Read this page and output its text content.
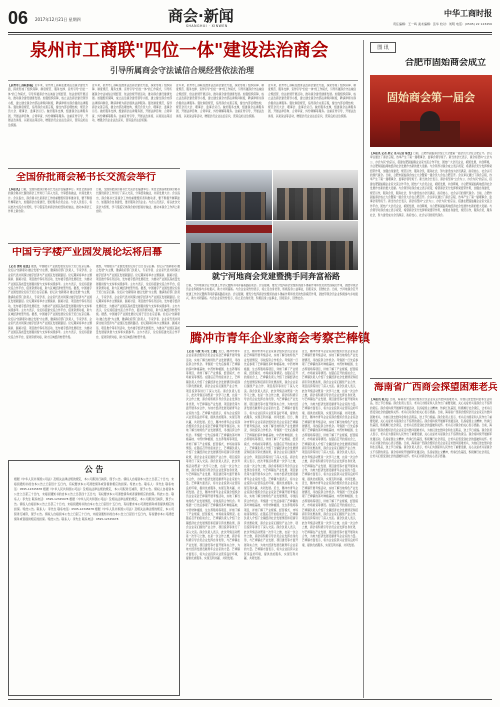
06 2017年12月21日 星期四	商会·新闻
SHANGHUI · XINWEN
中华工商时报
责任编辑：王一鸣 美术编辑：张华 校对：刘明 电话：(0595) 22 123456
泉州市工商联"四位一体"建设法治商会
引导所属商会守法诚信合规经营依法治理
【泉州市工商联供稿】近年来，泉州市工商联在推进法治商会建设方面，探索形成了组织保障、制度规范、服务支撑、宣传引导"四位一体"的工作模式，引导所属商会守法诚信合规经营、依法依规开展活动，推动商会建设健康发展。加强组织保障，成立法治商会建设领导小组，建立健全商会内部法律顾问制度，聘请律师为商会提供法律服务。强化制度规范，指导商会完善章程，健全内部治理结构，规范会员大会、理事会、监事会运行。做好服务支撑，组建商会法律服务团，开展法律咨询、合同审查、纠纷调解等服务。注重宣传引导，开展法治讲座、以案说法等活动，增强会员企业法治意识，营造良好法治氛围。
近年来，泉州市工商联在推进法治商会建设方面，探索形成了组织保障、制度规范、服务支撑、宣传引导"四位一体"的工作模式，引导所属商会守法诚信合规经营、依法依规开展活动，推动商会建设健康发展。加强组织保障，成立法治商会建设领导小组，建立健全商会内部法律顾问制度，聘请律师为商会提供法律服务。强化制度规范，指导商会完善章程，健全内部治理结构，规范会员大会、理事会、监事会运行。做好服务支撑，组建商会法律服务团，开展法律咨询、合同审查、纠纷调解等服务。注重宣传引导，开展法治讲座、以案说法等活动，增强会员企业法治意识，营造良好法治氛围。
近年来，泉州市工商联在推进法治商会建设方面，探索形成了组织保障、制度规范、服务支撑、宣传引导"四位一体"的工作模式，引导所属商会守法诚信合规经营、依法依规开展活动，推动商会建设健康发展。加强组织保障，成立法治商会建设领导小组，建立健全商会内部法律顾问制度，聘请律师为商会提供法律服务。强化制度规范，指导商会完善章程，健全内部治理结构，规范会员大会、理事会、监事会运行。做好服务支撑，组建商会法律服务团，开展法律咨询、合同审查、纠纷调解等服务。注重宣传引导，开展法治讲座、以案说法等活动，增强会员企业法治意识，营造良好法治氛围。
近年来，泉州市工商联在推进法治商会建设方面，探索形成了组织保障、制度规范、服务支撑、宣传引导"四位一体"的工作模式，引导所属商会守法诚信合规经营、依法依规开展活动，推动商会建设健康发展。加强组织保障，成立法治商会建设领导小组，建立健全商会内部法律顾问制度，聘请律师为商会提供法律服务。强化制度规范，指导商会完善章程，健全内部治理结构，规范会员大会、理事会、监事会运行。做好服务支撑，组建商会法律服务团，开展法律咨询、合同审查、纠纷调解等服务。注重宣传引导，开展法治讲座、以案说法等活动，增强会员企业法治意识，营造良好法治氛围。
全国侨批商会秘书长交流会举行
【本报讯】日前，全国侨批商会秘书长交流会在福建举行。来自全国各地的商会秘书长围绕商会工作进行了深入交流，分享经验做法，共谋发展大计。会议指出，商会秘书长是商会工作的重要组织者和推动者，要不断提升履职能力，加强商会自身建设，更好服务会员企业。与会人员表示，将以此次交流会为契机，学习借鉴兄弟商会的好经验好做法，推动本商会工作再上新台阶。
日前，全国侨批商会秘书长交流会在福建举行。来自全国各地的商会秘书长围绕商会工作进行了深入交流，分享经验做法，共谋发展大计。会议指出，商会秘书长是商会工作的重要组织者和推动者，要不断提升履职能力，加强商会自身建设，更好服务会员企业。与会人员表示，将以此次交流会为契机，学习借鉴兄弟商会的好经验好做法，推动本商会工作再上新台阶。
中国亏字楼产业园发展论坛将启幕
【记者 张明 报道】据悉，中国楼宇产业园发展论坛将于近日在京启幕。论坛以"创新驱动 融合发展"为主题，邀请政府部门负责人、专家学者、企业家代表共同探讨楼宇经济与产业园区发展新路径。论坛期间将举办主题演讲、圆桌对话、项目推介等系列活动，发布楼宇经济发展报告，为推动产业园区高质量发展提供智力支持和实践参考。主办方表示，论坛将搭建交流合作平台，促进资源对接，助力区域经济转型升级。据悉，中国楼宇产业园发展论坛将于近日在京启幕。论坛以"创新驱动 融合发展"为主题，邀请政府部门负责人、专家学者、企业家代表共同探讨楼宇经济与产业园区发展新路径。论坛期间将举办主题演讲、圆桌对话、项目推介等系列活动，发布楼宇经济发展报告，为推动产业园区高质量发展提供智力支持和实践参考。主办方表示，论坛将搭建交流合作平台，促进资源对接，助力区域经济转型升级。据悉，中国楼宇产业园发展论坛将于近日在京启幕。论坛以"创新驱动 融合发展"为主题，邀请政府部门负责人、专家学者、企业家代表共同探讨楼宇经济与产业园区发展新路径。论坛期间将举办主题演讲、圆桌对话、项目推介等系列活动，发布楼宇经济发展报告，为推动产业园区高质量发展提供智力支持和实践参考。主办方表示，论坛将搭建交流合作平台，促进资源对接，助力区域经济转型升级。
据悉，中国楼宇产业园发展论坛将于近日在京启幕。论坛以"创新驱动 融合发展"为主题，邀请政府部门负责人、专家学者、企业家代表共同探讨楼宇经济与产业园区发展新路径。论坛期间将举办主题演讲、圆桌对话、项目推介等系列活动，发布楼宇经济发展报告，为推动产业园区高质量发展提供智力支持和实践参考。主办方表示，论坛将搭建交流合作平台，促进资源对接，助力区域经济转型升级。据悉，中国楼宇产业园发展论坛将于近日在京启幕。论坛以"创新驱动 融合发展"为主题，邀请政府部门负责人、专家学者、企业家代表共同探讨楼宇经济与产业园区发展新路径。论坛期间将举办主题演讲、圆桌对话、项目推介等系列活动，发布楼宇经济发展报告，为推动产业园区高质量发展提供智力支持和实践参考。主办方表示，论坛将搭建交流合作平台，促进资源对接，助力区域经济转型升级。据悉，中国楼宇产业园发展论坛将于近日在京启幕。论坛以"创新驱动 融合发展"为主题，邀请政府部门负责人、专家学者、企业家代表共同探讨楼宇经济与产业园区发展新路径。论坛期间将举办主题演讲、圆桌对话、项目推介等系列活动，发布楼宇经济发展报告，为推动产业园区高质量发展提供智力支持和实践参考。主办方表示，论坛将搭建交流合作平台，促进资源对接，助力区域经济转型升级。
就宁河地商会党建暨携手同奔富裕路
日前，宁河地商会召开党建工作会议暨携手同奔富裕路座谈会。会议强调，要充分发挥商会党组织的战斗堡垒作用和党员的先锋模范作用，团结带领会员企业积极参与乡村振兴，助力共同富裕。与会企业家纷纷表示，将立足自身优势，积极投身公益事业，回报家乡，回馈社会。日前，宁河地商会召开党建工作会议暨携手同奔富裕路座谈会。会议强调，要充分发挥商会党组织的战斗堡垒作用和党员的先锋模范作用，团结带领会员企业积极参与乡村振兴，助力共同富裕。与会企业家纷纷表示，将立足自身优势，积极投身公益事业，回报家乡，回馈社会。
腾冲市青年企业家商会考察芒棒镇
【记者 马俊 实习生 王鹏】近日，腾冲市青年企业家商会组织会员企业家赴芒棒镇开展考察活动，实地了解当地特色产业发展情况，寻找投资合作机会。考察团一行先后参观了芒棒镇的茶叶种植基地、中药材种植园、生态养殖场等项目，详细了解了产业规模、经营模式、市场前景等情况。在随后召开的座谈会上，芒棒镇负责人介绍了全镇经济社会发展情况和招商引资优惠政策，商会企业家们围绕产业合作、项目投资等进行了深入交流。商会负责人表示，此次考察活动既是一次学习之旅，也是一次合作之旅，商会将积极引导会员企业发挥自身优势，与芒棒镇在产业发展、项目建设等方面开展务实合作，为地方经济发展贡献青年企业家的力量。芒棒镇方面表示，将为企业投资兴业营造良好环境，提供优质服务，实现互利共赢、共同发展。近日，腾冲市青年企业家商会组织会员企业家赴芒棒镇开展考察活动，实地了解当地特色产业发展情况，寻找投资合作机会。考察团一行先后参观了芒棒镇的茶叶种植基地、中药材种植园、生态养殖场等项目，详细了解了产业规模、经营模式、市场前景等情况。在随后召开的座谈会上，芒棒镇负责人介绍了全镇经济社会发展情况和招商引资优惠政策，商会企业家们围绕产业合作、项目投资等进行了深入交流。商会负责人表示，此次考察活动既是一次学习之旅，也是一次合作之旅，商会将积极引导会员企业发挥自身优势，与芒棒镇在产业发展、项目建设等方面开展务实合作，为地方经济发展贡献青年企业家的力量。芒棒镇方面表示，将为企业投资兴业营造良好环境，提供优质服务，实现互利共赢、共同发展。近日，腾冲市青年企业家商会组织会员企业家赴芒棒镇开展考察活动，实地了解当地特色产业发展情况，寻找投资合作机会。考察团一行先后参观了芒棒镇的茶叶种植基地、中药材种植园、生态养殖场等项目，详细了解了产业规模、经营模式、市场前景等情况。在随后召开的座谈会上，芒棒镇负责人介绍了全镇经济社会发展情况和招商引资优惠政策，商会企业家们围绕产业合作、项目投资等进行了深入交流。商会负责人表示，此次考察活动既是一次学习之旅，也是一次合作之旅，商会将积极引导会员企业发挥自身优势，与芒棒镇在产业发展、项目建设等方面开展务实合作，为地方经济发展贡献青年企业家的力量。芒棒镇方面表示，将为企业投资兴业营造良好环境，提供优质服务，实现互利共赢、共同发展。
近日，腾冲市青年企业家商会组织会员企业家赴芒棒镇开展考察活动，实地了解当地特色产业发展情况，寻找投资合作机会。考察团一行先后参观了芒棒镇的茶叶种植基地、中药材种植园、生态养殖场等项目，详细了解了产业规模、经营模式、市场前景等情况。在随后召开的座谈会上，芒棒镇负责人介绍了全镇经济社会发展情况和招商引资优惠政策，商会企业家们围绕产业合作、项目投资等进行了深入交流。商会负责人表示，此次考察活动既是一次学习之旅，也是一次合作之旅，商会将积极引导会员企业发挥自身优势，与芒棒镇在产业发展、项目建设等方面开展务实合作，为地方经济发展贡献青年企业家的力量。芒棒镇方面表示，将为企业投资兴业营造良好环境，提供优质服务，实现互利共赢、共同发展。近日，腾冲市青年企业家商会组织会员企业家赴芒棒镇开展考察活动，实地了解当地特色产业发展情况，寻找投资合作机会。考察团一行先后参观了芒棒镇的茶叶种植基地、中药材种植园、生态养殖场等项目，详细了解了产业规模、经营模式、市场前景等情况。在随后召开的座谈会上，芒棒镇负责人介绍了全镇经济社会发展情况和招商引资优惠政策，商会企业家们围绕产业合作、项目投资等进行了深入交流。商会负责人表示，此次考察活动既是一次学习之旅，也是一次合作之旅，商会将积极引导会员企业发挥自身优势，与芒棒镇在产业发展、项目建设等方面开展务实合作，为地方经济发展贡献青年企业家的力量。芒棒镇方面表示，将为企业投资兴业营造良好环境，提供优质服务，实现互利共赢、共同发展。近日，腾冲市青年企业家商会组织会员企业家赴芒棒镇开展考察活动，实地了解当地特色产业发展情况，寻找投资合作机会。考察团一行先后参观了芒棒镇的茶叶种植基地、中药材种植园、生态养殖场等项目，详细了解了产业规模、经营模式、市场前景等情况。在随后召开的座谈会上，芒棒镇负责人介绍了全镇经济社会发展情况和招商引资优惠政策，商会企业家们围绕产业合作、项目投资等进行了深入交流。商会负责人表示，此次考察活动既是一次学习之旅，也是一次合作之旅，商会将积极引导会员企业发挥自身优势，与芒棒镇在产业发展、项目建设等方面开展务实合作，为地方经济发展贡献青年企业家的力量。芒棒镇方面表示，将为企业投资兴业营造良好环境，提供优质服务，实现互利共赢、共同发展。
近日，腾冲市青年企业家商会组织会员企业家赴芒棒镇开展考察活动，实地了解当地特色产业发展情况，寻找投资合作机会。考察团一行先后参观了芒棒镇的茶叶种植基地、中药材种植园、生态养殖场等项目，详细了解了产业规模、经营模式、市场前景等情况。在随后召开的座谈会上，芒棒镇负责人介绍了全镇经济社会发展情况和招商引资优惠政策，商会企业家们围绕产业合作、项目投资等进行了深入交流。商会负责人表示，此次考察活动既是一次学习之旅，也是一次合作之旅，商会将积极引导会员企业发挥自身优势，与芒棒镇在产业发展、项目建设等方面开展务实合作，为地方经济发展贡献青年企业家的力量。芒棒镇方面表示，将为企业投资兴业营造良好环境，提供优质服务，实现互利共赢、共同发展。近日，腾冲市青年企业家商会组织会员企业家赴芒棒镇开展考察活动，实地了解当地特色产业发展情况，寻找投资合作机会。考察团一行先后参观了芒棒镇的茶叶种植基地、中药材种植园、生态养殖场等项目，详细了解了产业规模、经营模式、市场前景等情况。在随后召开的座谈会上，芒棒镇负责人介绍了全镇经济社会发展情况和招商引资优惠政策，商会企业家们围绕产业合作、项目投资等进行了深入交流。商会负责人表示，此次考察活动既是一次学习之旅，也是一次合作之旅，商会将积极引导会员企业发挥自身优势，与芒棒镇在产业发展、项目建设等方面开展务实合作，为地方经济发展贡献青年企业家的力量。芒棒镇方面表示，将为企业投资兴业营造良好环境，提供优质服务，实现互利共赢、共同发展。近日，腾冲市青年企业家商会组织会员企业家赴芒棒镇开展考察活动，实地了解当地特色产业发展情况，寻找投资合作机会。考察团一行先后参观了芒棒镇的茶叶种植基地、中药材种植园、生态养殖场等项目，详细了解了产业规模、经营模式、市场前景等情况。在随后召开的座谈会上，芒棒镇负责人介绍了全镇经济社会发展情况和招商引资优惠政策，商会企业家们围绕产业合作、项目投资等进行了深入交流。商会负责人表示，此次考察活动既是一次学习之旅，也是一次合作之旅，商会将积极引导会员企业发挥自身优势，与芒棒镇在产业发展、项目建设等方面开展务实合作，为地方经济发展贡献青年企业家的力量。芒棒镇方面表示，将为企业投资兴业营造良好环境，提供优质服务，实现互利共赢、共同发展。
公 告
根据《中华人民共和国公司法》及相关法律法规的规定，本公司拟进行减资，现予公告。债权人自接到本公告之日起三十日内，未接到通知书的自本公告之日起四十五日内，有权要求本公司清偿债务或者提供相应的担保。特此公告。联系人：李先生 联系电话：0595-12345678 根据《中华人民共和国公司法》及相关法律法规的规定，本公司拟进行减资，现予公告。债权人自接到本公告之日起三十日内，未接到通知书的自本公告之日起四十五日内，有权要求本公司清偿债务或者提供相应的担保。特此公告。联系人：李先生 联系电话：0595-12345678 根据《中华人民共和国公司法》及相关法律法规的规定，本公司拟进行减资，现予公告。债权人自接到本公告之日起三十日内，未接到通知书的自本公告之日起四十五日内，有权要求本公司清偿债务或者提供相应的担保。特此公告。联系人：李先生 联系电话：0595-12345678 根据《中华人民共和国公司法》及相关法律法规的规定，本公司拟进行减资，现予公告。债权人自接到本公告之日起三十日内，未接到通知书的自本公告之日起四十五日内，有权要求本公司清偿债务或者提供相应的担保。特此公告。联系人：李先生 联系电话：0595-12345678
图 讯
合肥市固始商会成立
固始商会第一届会
【本报讯 记者 孙立 见习记者 陈慧】日前，合肥市固始商会成立大会暨第一届会员大会在合肥召开。会议审议通过了商会章程，选举产生了第一届理事会、监事会领导班子。新当选会长表示，商会将坚持"立会为公、办会为民"的宗旨，搭建在肥固始籍企业家交流合作平台，团结广大会员企业，抱团发展，共创辉煌，为合肥和固始两地经济社会发展作出新的更大贡献。与会领导对商会成立表示祝贺，希望商会充分发挥桥梁纽带作用，加强自身建设，规范运作，服务会员，服务社会，努力建设成为会员满意、政府放心、社会认可的现代商会。日前，合肥市固始商会成立大会暨第一届会员大会在合肥召开。会议审议通过了商会章程，选举产生了第一届理事会、监事会领导班子。新当选会长表示，商会将坚持"立会为公、办会为民"的宗旨，搭建在肥固始籍企业家交流合作平台，团结广大会员企业，抱团发展，共创辉煌，为合肥和固始两地经济社会发展作出新的更大贡献。与会领导对商会成立表示祝贺，希望商会充分发挥桥梁纽带作用，加强自身建设，规范运作，服务会员，服务社会，努力建设成为会员满意、政府放心、社会认可的现代商会。日前，合肥市固始商会成立大会暨第一届会员大会在合肥召开。会议审议通过了商会章程，选举产生了第一届理事会、监事会领导班子。新当选会长表示，商会将坚持"立会为公、办会为民"的宗旨，搭建在肥固始籍企业家交流合作平台，团结广大会员企业，抱团发展，共创辉煌，为合肥和固始两地经济社会发展作出新的更大贡献。与会领导对商会成立表示祝贺，希望商会充分发挥桥梁纽带作用，加强自身建设，规范运作，服务会员，服务社会，努力建设成为会员满意、政府放心、社会认可的现代商会。
海南省广西商会探望困难老兵
【本报讯 陈力】日前，海南省广西商会组织会员企业家走访慰问困难老兵，为他们送去慰问金和生活用品，送上节日祝福。商会负责人表示，老兵们为国家和人民作出了重要贡献，关心关爱老兵是商会义不容辞的责任。商会将持续开展拥军优属活动，弘扬爱国主义精神，传承红色基因，积极履行社会责任，让老兵们感受到社会的温暖和关怀。老兵们对商会的关心表示感谢。日前，海南省广西商会组织会员企业家走访慰问困难老兵，为他们送去慰问金和生活用品，送上节日祝福。商会负责人表示，老兵们为国家和人民作出了重要贡献，关心关爱老兵是商会义不容辞的责任。商会将持续开展拥军优属活动，弘扬爱国主义精神，传承红色基因，积极履行社会责任，让老兵们感受到社会的温暖和关怀。老兵们对商会的关心表示感谢。日前，海南省广西商会组织会员企业家走访慰问困难老兵，为他们送去慰问金和生活用品，送上节日祝福。商会负责人表示，老兵们为国家和人民作出了重要贡献，关心关爱老兵是商会义不容辞的责任。商会将持续开展拥军优属活动，弘扬爱国主义精神，传承红色基因，积极履行社会责任，让老兵们感受到社会的温暖和关怀。老兵们对商会的关心表示感谢。日前，海南省广西商会组织会员企业家走访慰问困难老兵，为他们送去慰问金和生活用品，送上节日祝福。商会负责人表示，老兵们为国家和人民作出了重要贡献，关心关爱老兵是商会义不容辞的责任。商会将持续开展拥军优属活动，弘扬爱国主义精神，传承红色基因，积极履行社会责任，让老兵们感受到社会的温暖和关怀。老兵们对商会的关心表示感谢。
